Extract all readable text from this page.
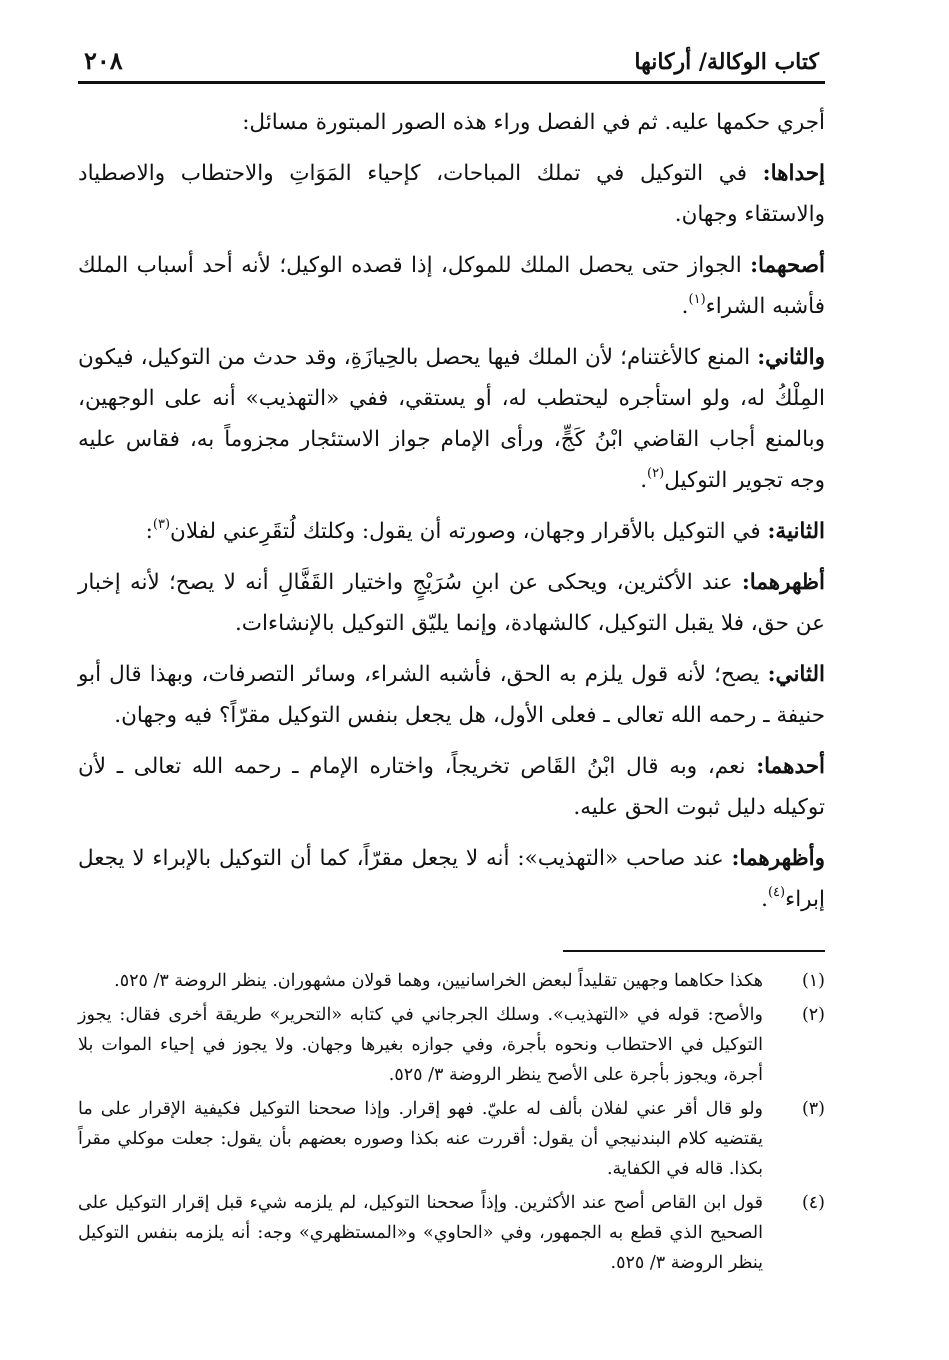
كتاب الوكالة/ أركانها
٢٠٨

أجري حكمها عليه. ثم في الفصل وراء هذه الصور المبتورة مسائل:

إحداها: في التوكيل في تملك المباحات، كإحياء المَوَاتِ والاحتطاب والاصطياد والاستقاء وجهان.

أصحهما: الجواز حتى يحصل الملك للموكل، إذا قصده الوكيل؛ لأنه أحد أسباب الملك فأشبه الشراء$^{(١)}$.

والثاني: المنع كالأغتنام؛ لأن الملك فيها يحصل بالحِيازَةِ، وقد حدث من التوكيل، فيكون المِلْكُ له، ولو استأجره ليحتطب له، أو يستقي، ففي «التهذيب» أنه على الوجهين، وبالمنع أجاب القاضي ابْنُ كَجٍّ، ورأى الإمام جواز الاستئجار مجزوماً به، فقاس عليه وجه تجوير التوكيل$^{(٢)}$.

الثانية: في التوكيل بالأقرار وجهان، وصورته أن يقول: وكلتك لُتقَرِعني لفلان$^{(٣)}$:

أظهرهما: عند الأكثرين، ويحكى عن ابنِ سُرَيْجٍ واختيار القَفَّالِ أنه لا يصح؛ لأنه إخبار عن حق، فلا يقبل التوكيل، كالشهادة، وإنما يليّق التوكيل بالإنشاءات.

الثاني: يصح؛ لأنه قول يلزم به الحق، فأشبه الشراء، وسائر التصرفات، وبهذا قال أبو حنيفة ـ رحمه الله تعالى ـ فعلى الأول، هل يجعل بنفس التوكيل مقرّاً؟ فيه وجهان.

أحدهما: نعم، وبه قال ابْنُ القَاص تخريجاً، واختاره الإمام ـ رحمه الله تعالى ـ لأن توكيله دليل ثبوت الحق عليه.

وأظهرهما: عند صاحب «التهذيب»: أنه لا يجعل مقرّاً، كما أن التوكيل بالإبراء لا يجعل إبراء$^{(٤)}$.

(١)
هكذا حكاهما وجهين تقليداً لبعض الخراسانيين، وهما قولان مشهوران. ينظر الروضة ٣/ ٥٢٥.
(٢)
والأصح: قوله في «التهذيب». وسلك الجرجاني في كتابه «التحرير» طريقة أخرى فقال: يجوز التوكيل في الاحتطاب ونحوه بأجرة، وفي جوازه بغيرها وجهان. ولا يجوز في إحياء الموات بلا أجرة، ويجوز بأجرة على الأصح ينظر الروضة ٣/ ٥٢٥.
(٣)
ولو قال أقر عني لفلان بألف له عليّ. فهو إقرار. وإذا صححنا التوكيل فكيفية الإقرار على ما يقتضيه كلام البندنيجي أن يقول: أقررت عنه بكذا وصوره بعضهم بأن يقول: جعلت موكلي مقراً بكذا. قاله في الكفاية.
(٤)
قول ابن القاص أصح عند الأكثرين. وإذاً صححنا التوكيل، لم يلزمه شيء قبل إقرار التوكيل على الصحيح الذي قطع به الجمهور، وفي «الحاوي» و«المستظهري» وجه: أنه يلزمه بنفس التوكيل ينظر الروضة ٣/ ٥٢٥.
